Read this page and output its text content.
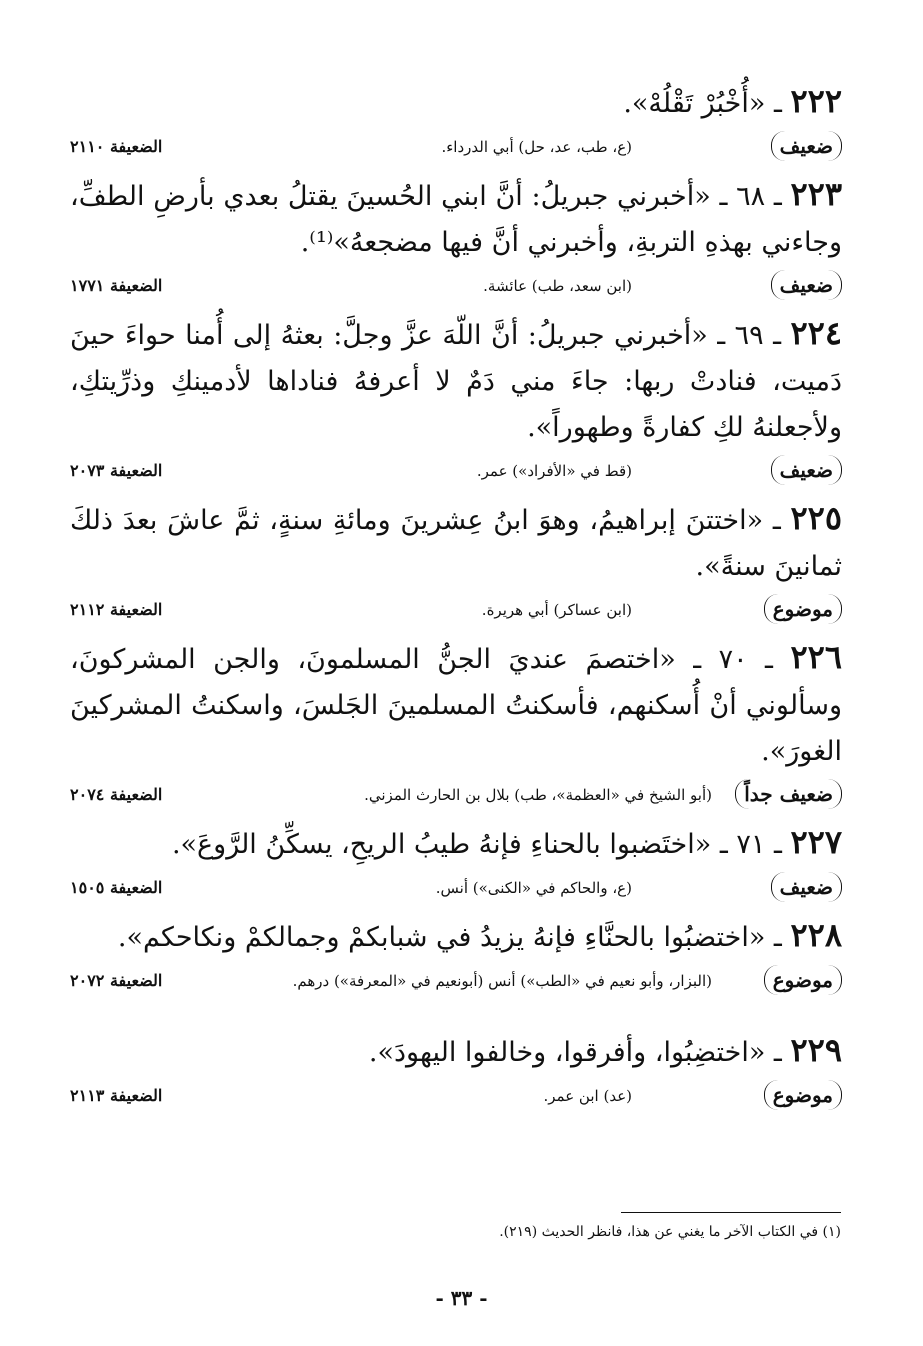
٢٢٢ ـ «أُخْبُرْ تَقْلُهْ».

ضعيف
(ع، طب، عد، حل) أبي الدرداء.
الضعيفة ٢١١٠

٢٢٣ ـ ٦٨ ـ «أخبرني جبريلُ: أنَّ ابني الحُسينَ يقتلُ بعدي بأرضِ الطفِّ، وجاءني بهذهِ التربةِ، وأخبرني أنَّ فيها مضجعهُ»⁽¹⁾.

ضعيف
(ابن سعد، طب) عائشة.
الضعيفة ١٧٧١

٢٢٤ ـ ٦٩ ـ «أخبرني جبريلُ: أنَّ اللّهَ عزَّ وجلَّ: بعثهُ إلى أُمنا حواءَ حينَ دَميت، فنادتْ ربها: جاءَ مني دَمٌ لا أعرفهُ فناداها لأدمينكِ وذرِّيتكِ، ولأجعلنهُ لكِ كفارةً وطهوراً».

ضعيف
(قط في «الأفراد») عمر.
الضعيفة ٢٠٧٣

٢٢٥ ـ «اختتنَ إبراهيمُ، وهوَ ابنُ عِشرينَ ومائةِ سنةٍ، ثمَّ عاشَ بعدَ ذلكَ ثمانينَ سنةً».

موضوع
(ابن عساكر) أبي هريرة.
الضعيفة ٢١١٢

٢٢٦ ـ ٧٠ ـ «اختصمَ عنديَ الجنُّ المسلمونَ، والجن المشركونَ، وسألوني أنْ أُسكنهم، فأسكنتُ المسلمينَ الجَلسَ، واسكنتُ المشركينَ الغورَ».

ضعيف جداً
(أبو الشيخ في «العظمة»، طب) بلال بن الحارث المزني.
الضعيفة ٢٠٧٤

٢٢٧ ـ ٧١ ـ «اختَضبوا بالحناءِ فإنهُ طيبُ الريحِ، يسكِّنُ الرَّوعَ».

ضعيف
(ع، والحاكم في «الكنى») أنس.
الضعيفة ١٥٠٥

٢٢٨ ـ «اختضبُوا بالحنَّاءِ فإنهُ يزيدُ في شبابكمْ وجمالكمْ ونكاحكم».

موضوع
(البزار، وأبو نعيم في «الطب») أنس (أبونعيم في «المعرفة») درهم.
الضعيفة ٢٠٧٢

٢٢٩ ـ «اختضِبُوا، وأفرقوا، وخالفوا اليهودَ».

موضوع
(عد) ابن عمر.
الضعيفة ٢١١٣
(١) في الكتاب الآخر ما يغني عن هذا، فانظر الحديث (٢١٩).
- ٣٣ -
